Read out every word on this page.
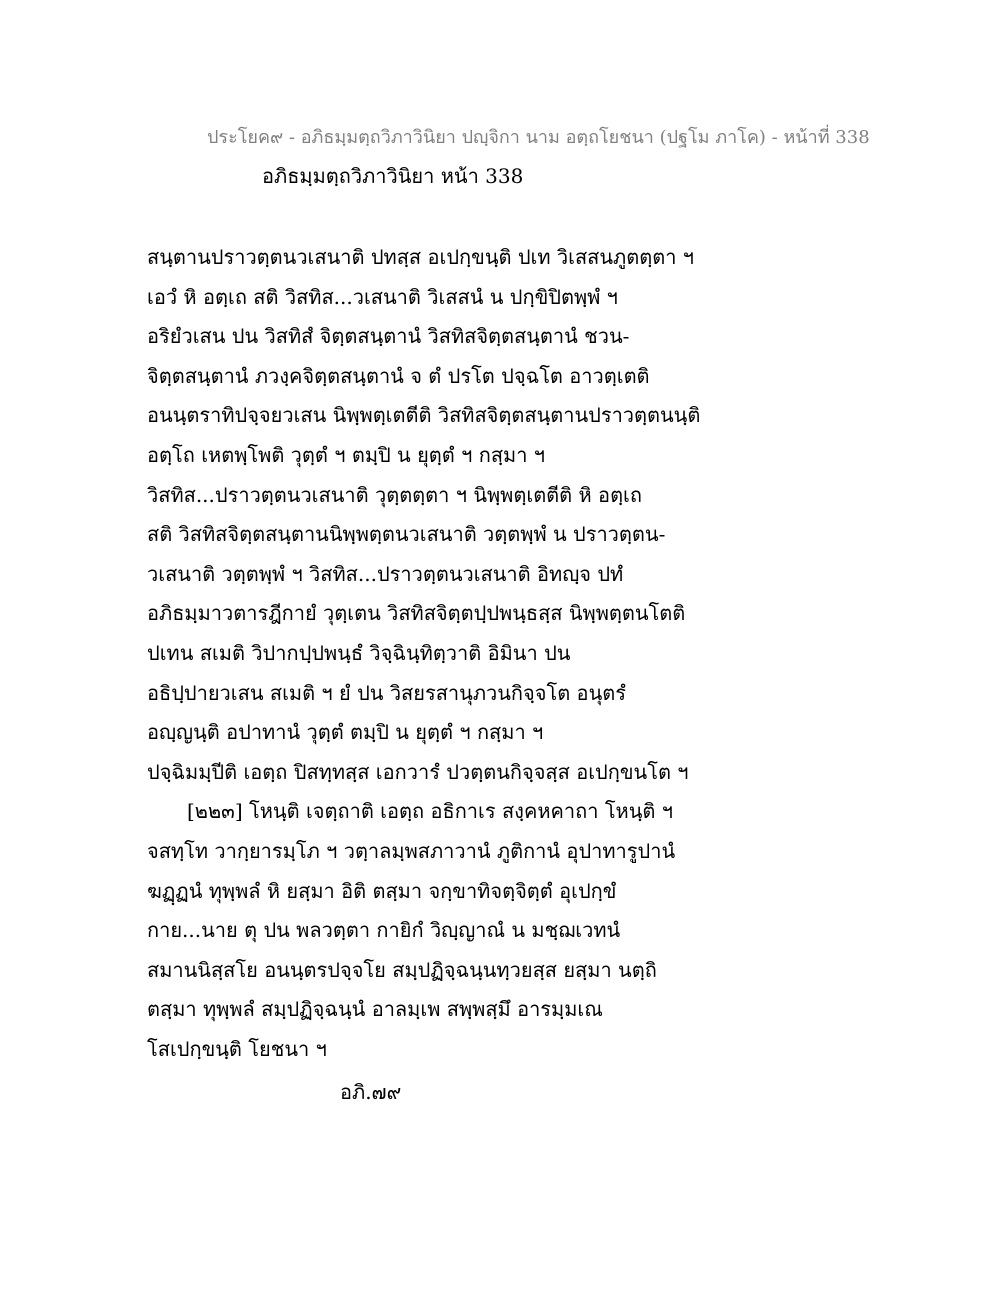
ประโยค๙ - อภิธมฺมตฺถวิภาวินิยา ปญฺจิกา นาม อตฺถโยชนา (ปฐโม ภาโค) - หน้าที่ 338
อภิธมฺมตฺถวิภาวินิยา หน้า 338
สนฺตานปราวตฺตนวเสนาติ ปทสฺส อเปกฺขนฺติ ปเท วิเสสนภูตตฺตา ฯ
เอวํ หิ อตฺเถ สติ วิสทิส...วเสนาติ วิเสสนํ น ปกฺขิปิตพฺพํ ฯ
อริยํวเสน ปน วิสทิสํ จิตฺตสนฺตานํ วิสทิสจิตฺตสนฺตานํ ชวน-
จิตฺตสนฺตานํ ภวงฺคจิตฺตสนฺตานํ จ ตํ ปรโต ปจฺฉโต อาวตฺเตติ
อนนฺตราทิปจฺจยวเสน นิพฺพตฺเตตีติ วิสทิสจิตฺตสนฺตานปราวตฺตนนฺติ
อตฺโถ เหตพฺโพติ วุตฺตํ ฯ ตมฺปิ น ยุตฺตํ ฯ กสฺมา ฯ
วิสทิส...ปราวตฺตนวเสนาติ วุตฺตตฺตา ฯ นิพฺพตฺเตตีติ หิ อตฺเถ
สติ วิสทิสจิตฺตสนฺตานนิพฺพตฺตนวเสนาติ วตฺตพฺพํ น ปราวตฺตน-
วเสนาติ วตฺตพฺพํ ฯ วิสทิส...ปราวตฺตนวเสนาติ อิทญฺจ ปทํ
อภิธมฺมาวตารฎีกายํ วุตฺเตน วิสทิสจิตฺตปฺปพนฺธสฺส นิพฺพตฺตนโตติ
ปเทน สเมติ วิปากปฺปพนฺธํ วิจฺฉินฺทิตฺวาติ อิมินา ปน
อธิปฺปายวเสน สเมติ ฯ ยํ ปน วิสยรสานุภวนกิจฺจโต อนุตรํ
อญฺญนฺติ อปาทานํ วุตฺตํ ตมฺปิ น ยุตฺตํ ฯ กสฺมา ฯ
ปจฺฉิมมฺปีติ เอตฺถ ปิสทฺทสฺส เอกวารํ ปวตฺตนกิจฺจสฺส อเปกฺขนโต ฯ
[๒๒๓] โหนฺติ เจตฺถาติ เอตฺถ อธิกาเร สงฺคหคาถา โหนฺติ ฯ
จสทฺโท วากฺยารมฺโภ ฯ วตฺาลมฺพสภาวานํ ภูติกานํ อุปาทารูปานํ
ฆฏฺฏนํ ทุพฺพลํ หิ ยสฺมา อิติ ตสฺมา จกฺขาทิจตฺจิตฺตํ อุเปกฺขํ
กาย...นาย ตุ ปน พลวตฺตา กายิกํ วิญฺญาณํ น มชฺฌเวทนํ
สมานนิสฺสโย อนนฺตรปจฺจโย สมฺปฏิจฺฉนฺนทฺวยสฺส ยสฺมา นตฺถิ
ตสฺมา ทุพฺพลํ สมฺปฏิจฺฉนฺนํ อาลมฺเพ สพฺพสฺมึ อารมฺมเณ
โสเปกฺขนฺติ โยชนา ฯ
อภิ.๗๙
